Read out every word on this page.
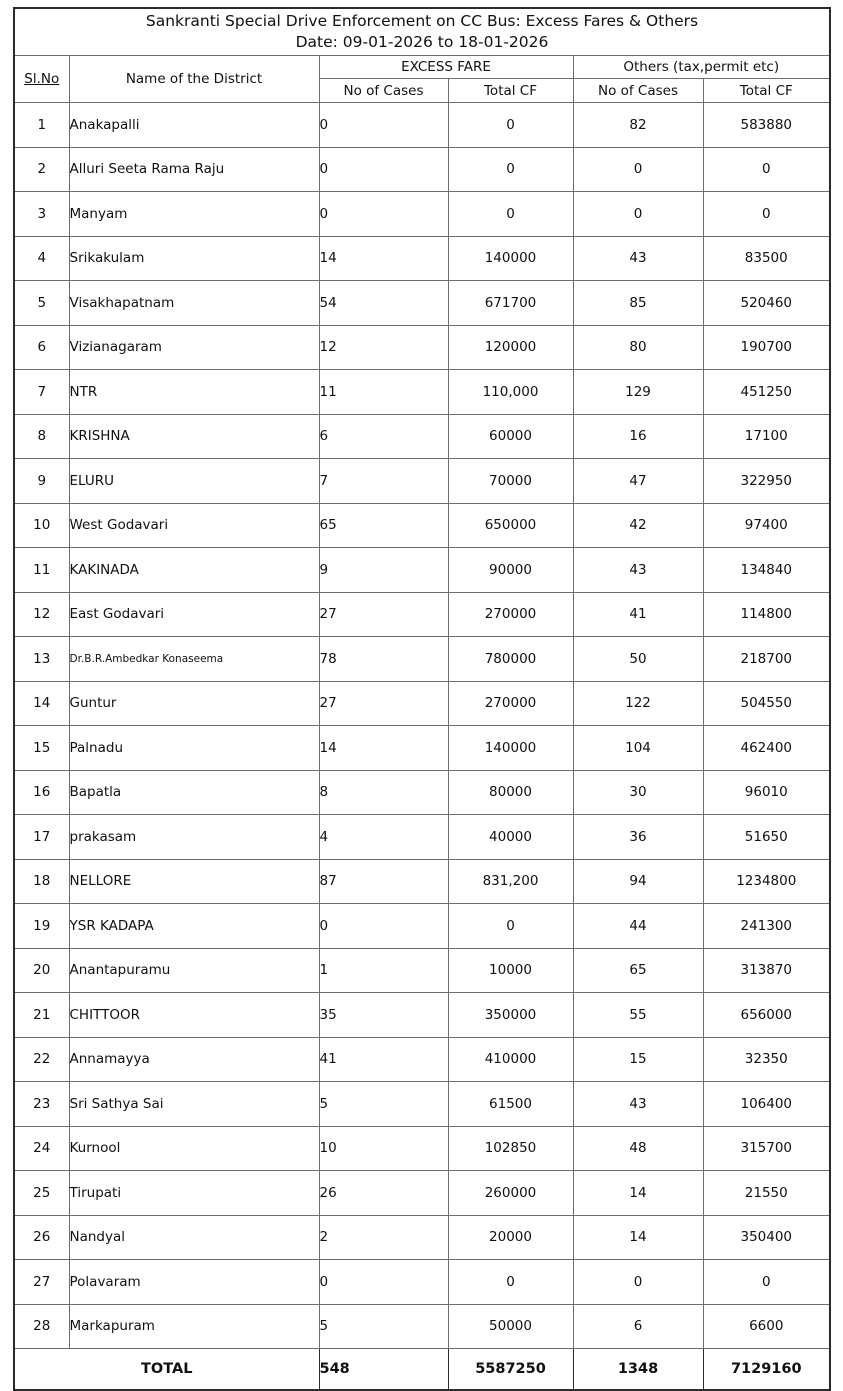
Sankranti Special Drive Enforcement on CC Bus: Excess Fares & Others
Date: 09-01-2026 to 18-01-2026					

Sl.No	Name of the District	EXCESS FARE		Others (tax,permit etc)	
		No of Cases	Total CF	No of Cases	Total CF
1	Anakapalli	0	0	82	583880
2	Alluri Seeta Rama Raju	0	0	0	0
3	Manyam	0	0	0	0
4	Srikakulam	14	140000	43	83500
5	Visakhapatnam	54	671700	85	520460
6	Vizianagaram	12	120000	80	190700
7	NTR	11	110,000	129	451250
8	KRISHNA	6	60000	16	17100
9	ELURU	7	70000	47	322950
10	West Godavari	65	650000	42	97400
11	KAKINADA	9	90000	43	134840
12	East Godavari	27	270000	41	114800
13	Dr.B.R.Ambedkar Konaseema	78	780000	50	218700
14	Guntur	27	270000	122	504550
15	Palnadu	14	140000	104	462400
16	Bapatla	8	80000	30	96010
17	prakasam	4	40000	36	51650
18	NELLORE	87	831,200	94	1234800
19	YSR KADAPA	0	0	44	241300
20	Anantapuramu	1	10000	65	313870
21	CHITTOOR	35	350000	55	656000
22	Annamayya	41	410000	15	32350
23	Sri Sathya Sai	5	61500	43	106400
24	Kurnool	10	102850	48	315700
25	Tirupati	26	260000	14	21550
26	Nandyal	2	20000	14	350400
27	Polavaram	0	0	0	0
28	Markapuram	5	50000	6	6600
TOTAL		548	5587250	1348	7129160
